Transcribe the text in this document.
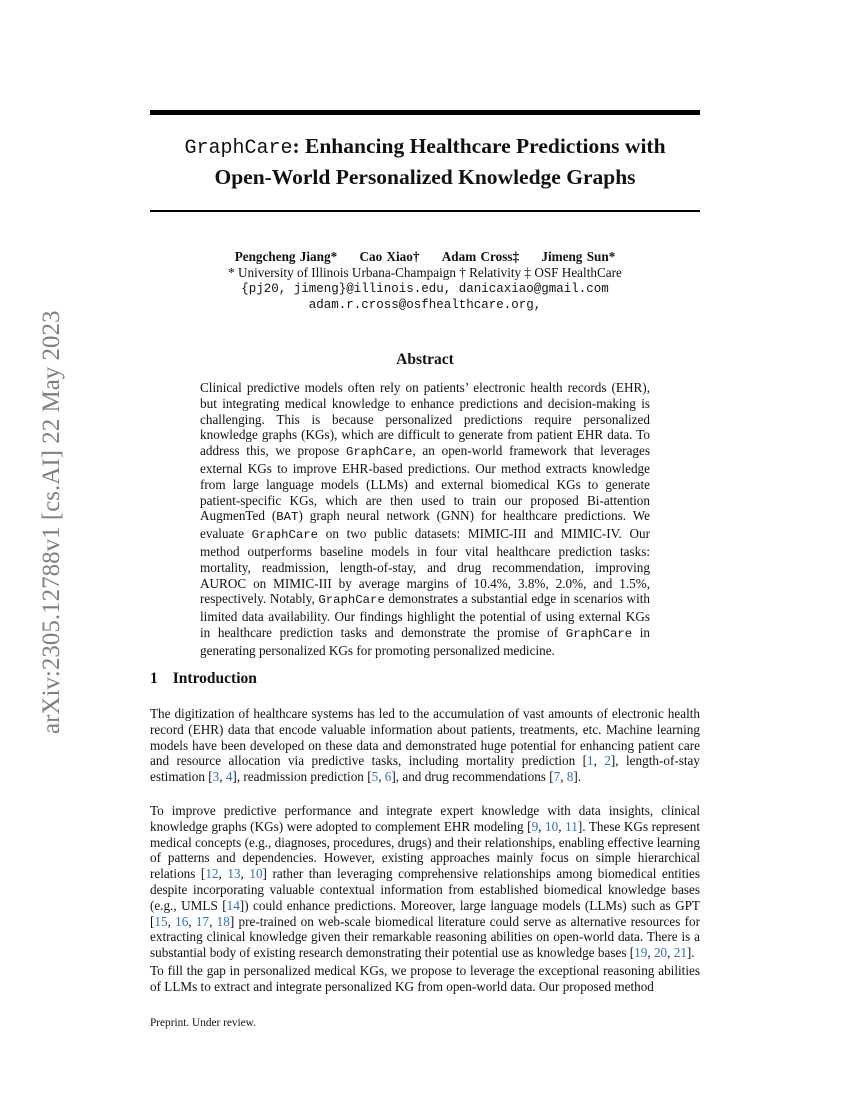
arXiv:2305.12788v1 [cs.AI] 22 May 2023
GraphCare: Enhancing Healthcare Predictions with
Open-World Personalized Knowledge Graphs
Pengcheng Jiang* Cao Xiao† Adam Cross‡ Jimeng Sun*
* University of Illinois Urbana-Champaign † Relativity ‡ OSF HealthCare
{pj20, jimeng}@illinois.edu, danicaxiao@gmail.com
adam.r.cross@osfhealthcare.org,
Abstract
Clinical predictive models often rely on patients’ electronic health records (EHR), but integrating medical knowledge to enhance predictions and decision-making is challenging. This is because personalized predictions require personalized knowledge graphs (KGs), which are difficult to generate from patient EHR data. To address this, we propose GraphCare, an open-world framework that leverages external KGs to improve EHR-based predictions. Our method extracts knowledge from large language models (LLMs) and external biomedical KGs to generate patient-specific KGs, which are then used to train our proposed Bi-attention AugmenTed (BAT) graph neural network (GNN) for healthcare predictions. We evaluate GraphCare on two public datasets: MIMIC-III and MIMIC-IV. Our method outperforms baseline models in four vital healthcare prediction tasks: mortality, readmission, length-of-stay, and drug recommendation, improving AUROC on MIMIC-III by average margins of 10.4%, 3.8%, 2.0%, and 1.5%, respectively. Notably, GraphCare demonstrates a substantial edge in scenarios with limited data availability. Our findings highlight the potential of using external KGs in healthcare prediction tasks and demonstrate the promise of GraphCare in generating personalized KGs for promoting personalized medicine.
1 Introduction

The digitization of healthcare systems has led to the accumulation of vast amounts of electronic health record (EHR) data that encode valuable information about patients, treatments, etc. Machine learning models have been developed on these data and demonstrated huge potential for enhancing patient care and resource allocation via predictive tasks, including mortality prediction [1, 2], length-of-stay estimation [3, 4], readmission prediction [5, 6], and drug recommendations [7, 8].

To improve predictive performance and integrate expert knowledge with data insights, clinical knowledge graphs (KGs) were adopted to complement EHR modeling [9, 10, 11]. These KGs represent medical concepts (e.g., diagnoses, procedures, drugs) and their relationships, enabling effective learning of patterns and dependencies. However, existing approaches mainly focus on simple hierarchical relations [12, 13, 10] rather than leveraging comprehensive relationships among biomedical entities despite incorporating valuable contextual information from established biomedical knowledge bases (e.g., UMLS [14]) could enhance predictions. Moreover, large language models (LLMs) such as GPT [15, 16, 17, 18] pre-trained on web-scale biomedical literature could serve as alternative resources for extracting clinical knowledge given their remarkable reasoning abilities on open-world data. There is a substantial body of existing research demonstrating their potential use as knowledge bases [19, 20, 21].

To fill the gap in personalized medical KGs, we propose to leverage the exceptional reasoning abilities of LLMs to extract and integrate personalized KG from open-world data. Our proposed method

Preprint. Under review.
